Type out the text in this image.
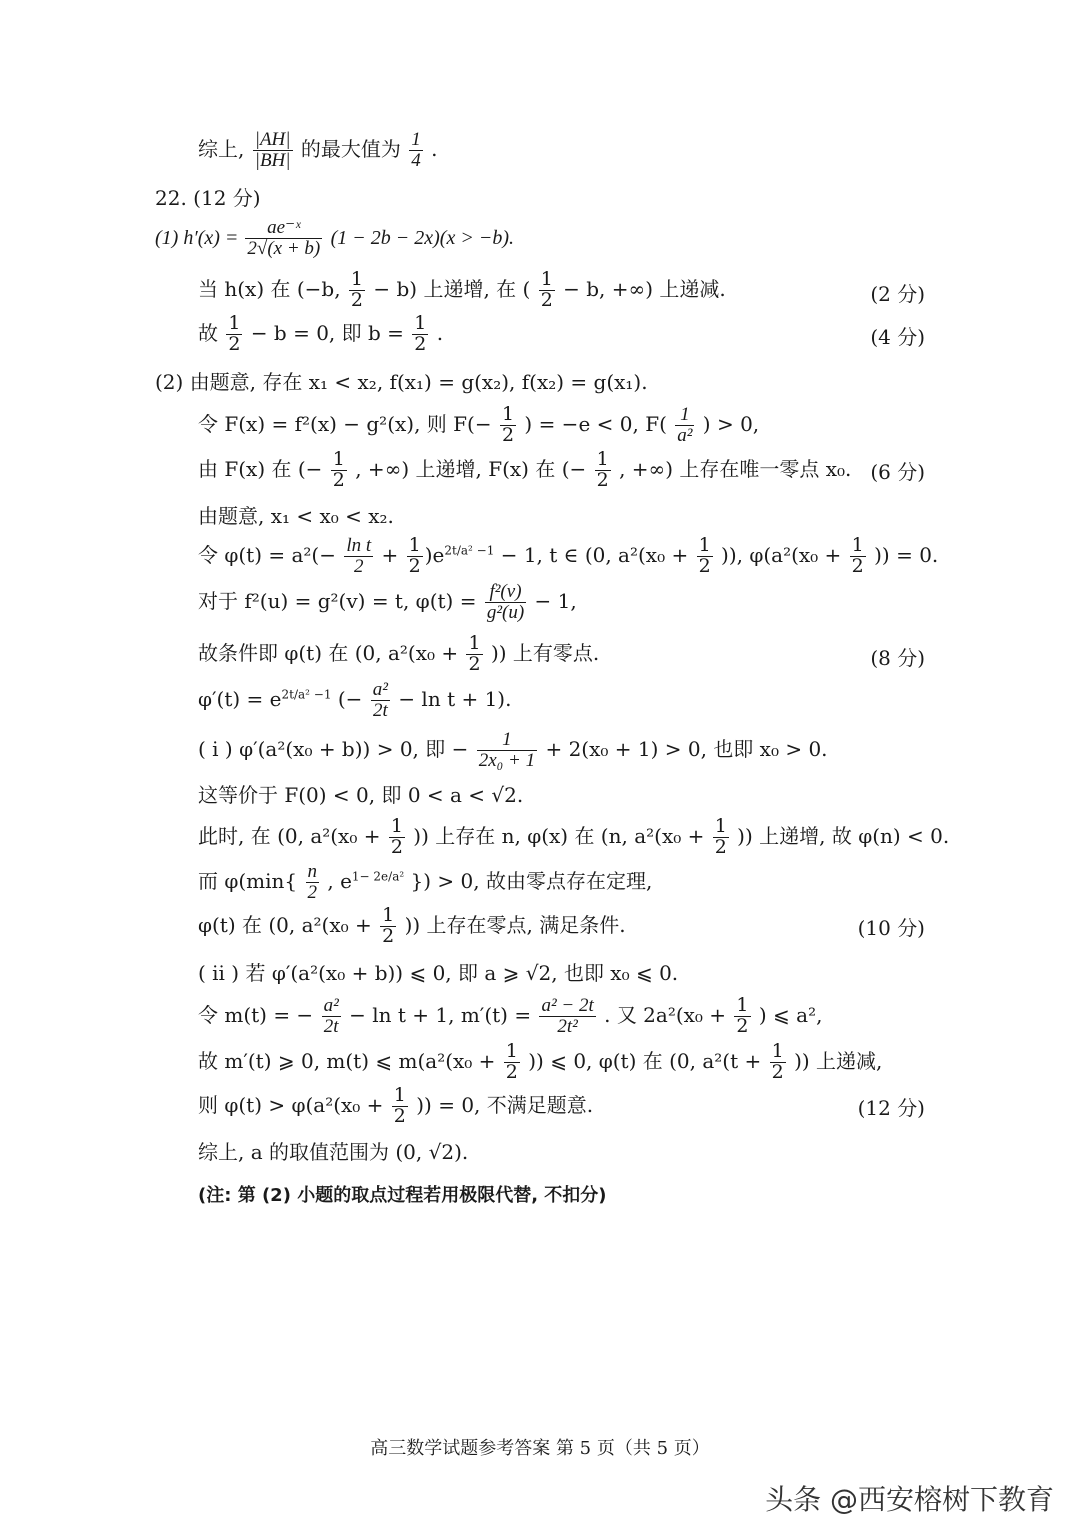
综上, $\frac{|AH|}{|BH|}$ 的最大值为 $\frac{1}{4}$ .
22. (12 分)
(1) $h'(x) = \frac{\text{ae⁻ˣ}}{2√(x + b)} (1 - 2b - 2x)(x > -b)$.
当 h(x) 在 (−b, $\frac{1}{2} - b$) 上递增, 在 ( $\frac{1}{2} - b$, +∞) 上递减.	(2 分)
故 $\frac{1}{2} - b = 0$, 即 $b = \frac{1}{2}$ .	(4 分)
(2) 由题意, 存在 x₁ < x₂, f(x₁) = g(x₂), f(x₂) = g(x₁).
令 F(x) = f²(x) − g²(x), 则 $F(- \frac{1}{2}$ ) = −e < 0, $F( \frac{1}{\text{a²}}$ ) > 0,
由 F(x) 在 (− $\frac{1}{2}$ , +∞) 上递增, F(x) 在 (− $\frac{1}{2}$ , +∞) 上存在唯一零点 x₀. (6 分)
由题意, x₁ < x₀ < x₂.
令 $\varphi(t) = a^2(- \frac{\text{ln t}}{2} + \frac{1}{2} )e^{2t/a^2 -1} - 1$, t ∈ (0, $a^2(x_0 + \frac{1}{2}$ )), $\varphi(a^2(x_0 + \frac{1}{2}$ )) = 0.
对于 f²(u) = g²(v) = t, $\varphi(t) = \frac{\text{f²(v)}}{\text{g²(u)}} - 1$,
故条件即 φ(t) 在 (0, $a^2(x_0 + \frac{1}{2}$ )) 上有零点.	(8 分)
$\varphi'(t) = e^{2t/a^2 -1}$ (− $\frac{\text{a²}}{2t} - \ln t + 1$).
( i ) φ′(a²(x₀ + b)) > 0, 即 − $\frac{1}{\text{2x₀ + 1}} + 2(x_0 + 1) > 0$, 也即 x₀ > 0.
这等价于 F(0) < 0, 即 0 < a < √2.
此时, 在 (0, $a^2(x_0 + \frac{1}{2}$ )) 上存在 n, φ(x) 在 (n, $a^2(x_0 + \frac{1}{2}$ )) 上递增, 故 φ(n) < 0.
而 $\varphi(\min\{ \frac{n}{2}$ , $e^{1- 2e/a^2}$ }) > 0, 故由零点存在定理,
φ(t) 在 (0, $a^2(x_0 + \frac{1}{2}$ )) 上存在零点, 满足条件.	(10 分)
( ii ) 若 φ′(a²(x₀ + b)) ⩽ 0, 即 a ⩾ √2, 也即 x₀ ⩽ 0.
令 m(t) = − $\frac{\text{a²}}{2t} - \ln t + 1$, $m'(t) = \frac{\text{a² − 2t}}{\text{2t²}}$ . 又 $2a^2(x_0 + \frac{1}{2}$ ) ⩽ a²,
故 m′(t) ⩾ 0, m(t) ⩽ $m(a^2(x_0 + \frac{1}{2}$ )) ⩽ 0, φ(t) 在 (0, $a^2(t + \frac{1}{2}$ )) 上递减,
则 $\varphi(t) > \varphi(a^2(x_0 + \frac{1}{2}$ )) = 0, 不满足题意.	(12 分)
综上, a 的取值范围为 (0, √2).
(注: 第 (2) 小题的取点过程若用极限代替, 不扣分)
高三数学试题参考答案 第 5 页（共 5 页）
头条 @西安榕树下教育
